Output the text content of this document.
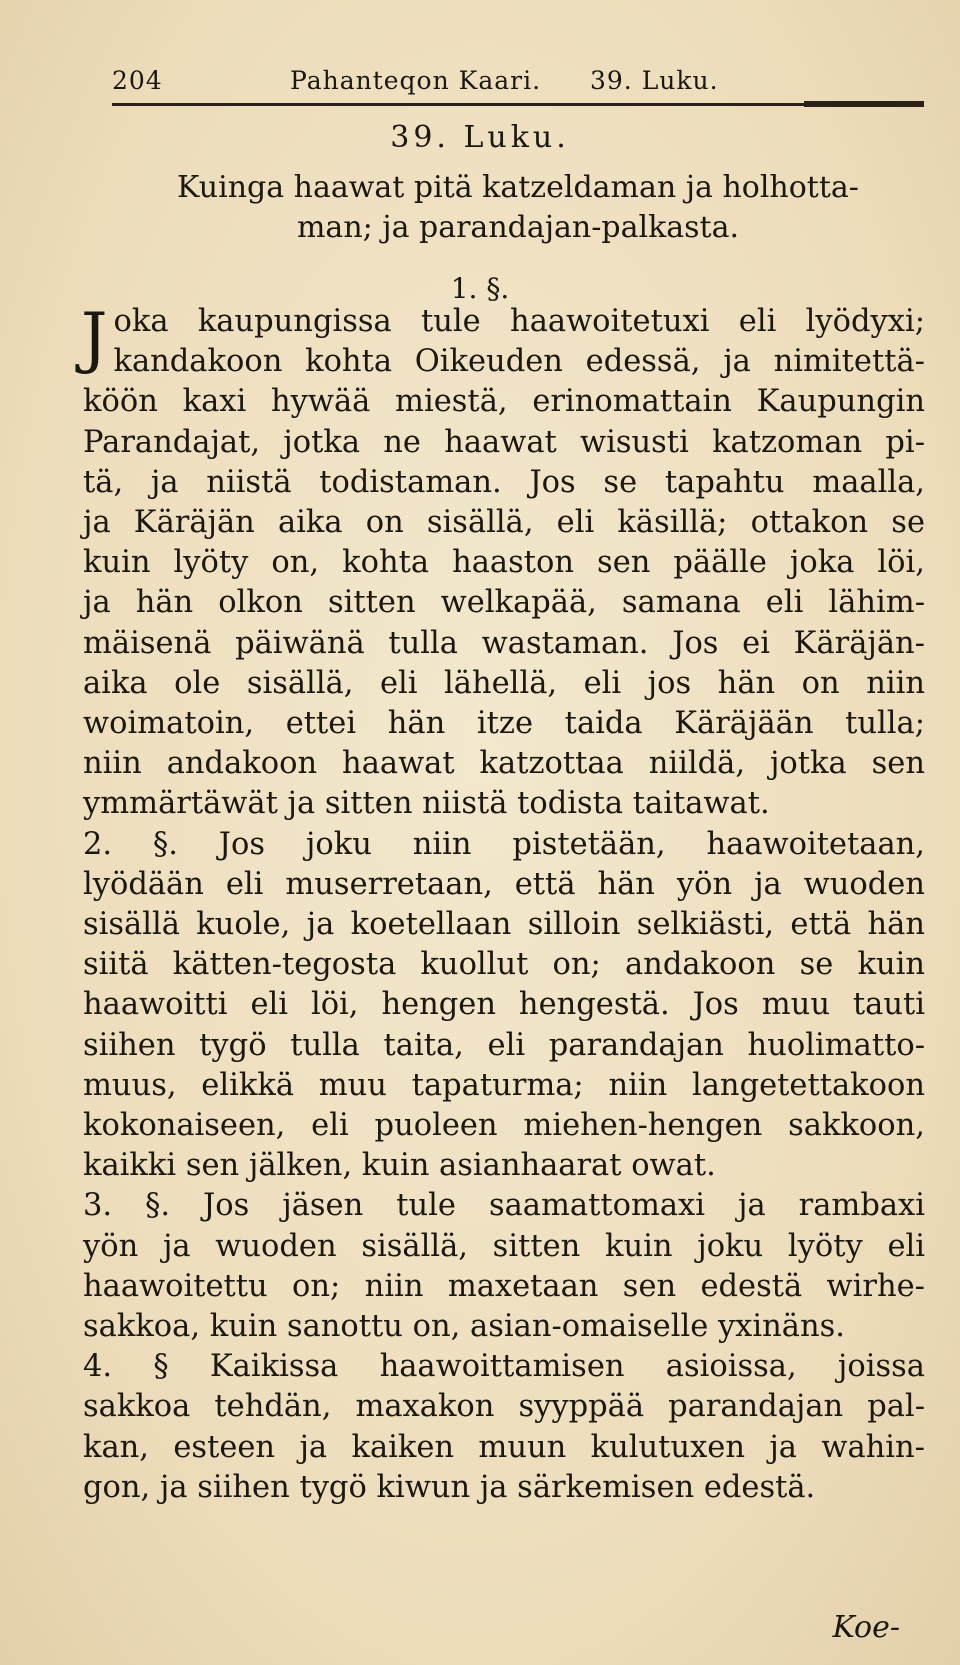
204	Pahanteqon Kaari. 39. Luku.
39. Luku.
Kuinga haawat pitä katzeldaman ja holhotta-
man; ja parandajan-palkasta.
1. §.
J oka kaupungissa tule haawoitetuxi eli lyödyxi;
kandakoon kohta Oikeuden edessä, ja nimitettä-
köön kaxi hywää miestä, erinomattain Kaupungin
Parandajat, jotka ne haawat wisusti katzoman pi-
tä, ja niistä todistaman. Jos se tapahtu maalla,
ja Käräjän aika on sisällä, eli käsillä; ottakon se
kuin lyöty on, kohta haaston sen päälle joka löi,
ja hän olkon sitten welkapää, samana eli lähim-
mäisenä päiwänä tulla wastaman. Jos ei Käräjän-
aika ole sisällä, eli lähellä, eli jos hän on niin
woimatoin, ettei hän itze taida Käräjään tulla;
niin andakoon haawat katzottaa niildä, jotka sen
ymmärtäwät ja sitten niistä todista taitawat.
2. §. Jos joku niin pistetään, haawoitetaan,
lyödään eli muserretaan, että hän yön ja wuoden
sisällä kuole, ja koetellaan silloin selkiästi, että hän
siitä kätten-tegosta kuollut on; andakoon se kuin
haawoitti eli löi, hengen hengestä. Jos muu tauti
siihen tygö tulla taita, eli parandajan huolimatto-
muus, elikkä muu tapaturma; niin langetettakoon
kokonaiseen, eli puoleen miehen-hengen sakkoon,
kaikki sen jälken, kuin asianhaarat owat.
3. §. Jos jäsen tule saamattomaxi ja rambaxi
yön ja wuoden sisällä, sitten kuin joku lyöty eli
haawoitettu on; niin maxetaan sen edestä wirhe-
sakkoa, kuin sanottu on, asian-omaiselle yxinäns.
4. § Kaikissa haawoittamisen asioissa, joissa
sakkoa tehdän, maxakon syyppää parandajan pal-
kan, esteen ja kaiken muun kulutuxen ja wahin-
gon, ja siihen tygö kiwun ja särkemisen edestä.
Koe-
